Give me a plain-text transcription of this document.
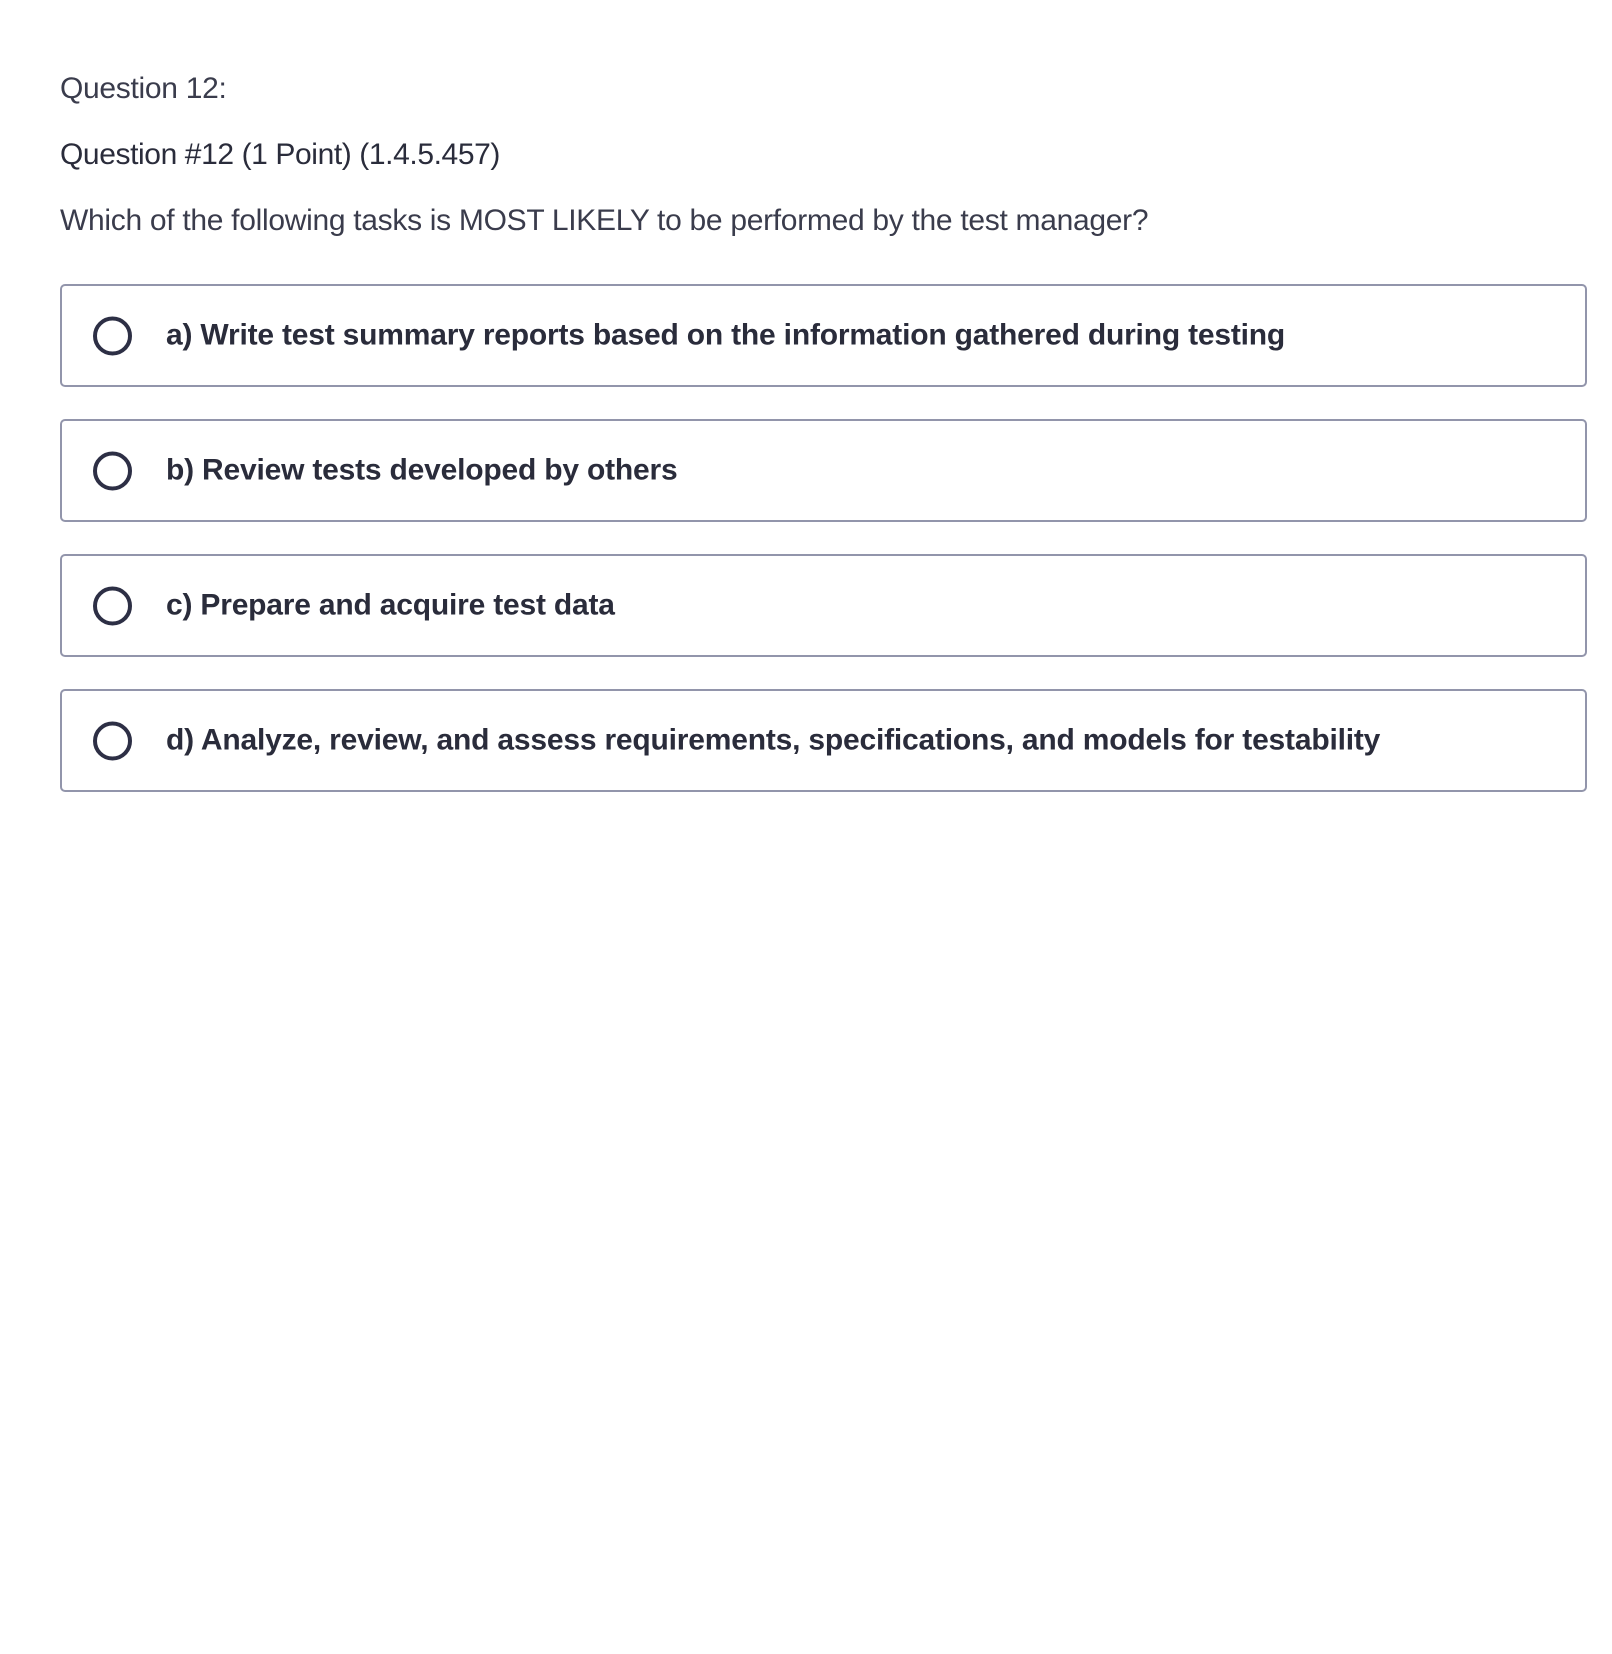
Question 12:
Question #12 (1 Point) (1.4.5.457)
Which of the following tasks is MOST LIKELY to be performed by the test manager?
a) Write test summary reports based on the information gathered during testing
b) Review tests developed by others
c) Prepare and acquire test data
d) Analyze, review, and assess requirements, specifications, and models for testability
